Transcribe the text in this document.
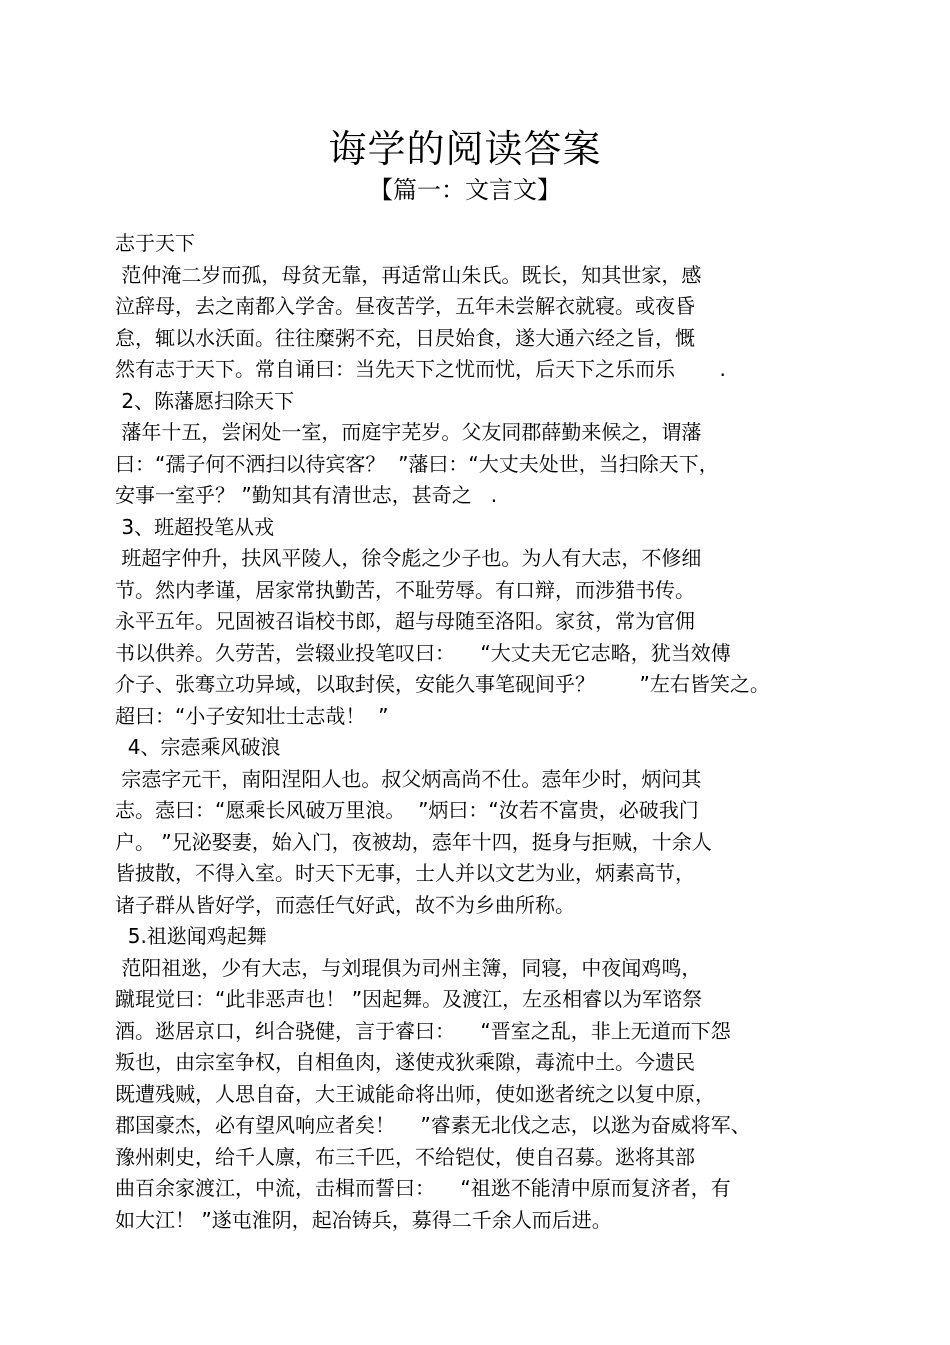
诲学的阅读答案
【篇一：文言文】
志于天下
范仲淹二岁而孤，母贫无靠，再适常山朱氏。既长，知其世家，感
泣辞母，去之南都入学舍。昼夜苦学，五年未尝解衣就寝。或夜昏
怠，辄以水沃面。往往糜粥不充，日昃始食，遂大通六经之旨，慨
然有志于天下。常自诵曰：当先天下之忧而忧，后天下之乐而乐       .
2、陈藩愿扫除天下
藩年十五，尝闲处一室，而庭宇芜岁。父友同郡薛勤来候之，谓藩
曰：“孺子何不洒扫以待宾客？  ”藩曰：“大丈夫处世，当扫除天下，
安事一室乎？ ”勤知其有清世志，甚奇之   .
3、班超投笔从戎
班超字仲升，扶风平陵人，徐令彪之少子也。为人有大志，不修细
节。然内孝谨，居家常执勤苦，不耻劳辱。有口辩，而涉猎书传。
永平五年。兄固被召诣校书郎，超与母随至洛阳。家贫，常为官佣
书以供养。久劳苦，尝辍业投笔叹曰：    “大丈夫无它志略，犹当效傅
介子、张骞立功异域，以取封侯，安能久事笔砚间乎？       ”左右皆笑之。
超曰：“小子安知壮士志哉！  ”
4、宗悫乘风破浪
宗悫字元干，南阳涅阳人也。叔父炳高尚不仕。悫年少时，炳问其
志。悫曰：“愿乘长风破万里浪。  ”炳曰：“汝若不富贵，必破我门
户。 ”兄泌娶妻，始入门，夜被劫，悫年十四，挺身与拒贼，十余人
皆披散，不得入室。时天下无事，士人并以文艺为业，炳素高节，
诸子群从皆好学，而悫任气好武，故不为乡曲所称。
5.祖逖闻鸡起舞
范阳祖逖，少有大志，与刘琨俱为司州主簿，同寝，中夜闻鸡鸣，
蹴琨觉曰：“此非恶声也！ ”因起舞。及渡江，左丞相睿以为军谘祭
酒。逖居京口，纠合骁健，言于睿曰：    “晋室之乱，非上无道而下怨
叛也，由宗室争权，自相鱼肉，遂使戎狄乘隙，毒流中土。今遗民
既遭残贼，人思自奋，大王诚能命将出师，使如逖者统之以复中原，
郡国豪杰，必有望风响应者矣！    ”睿素无北伐之志，以逖为奋威将军、
豫州刺史，给千人廪，布三千匹，不给铠仗，使自召募。逖将其部
曲百余家渡江，中流，击楫而誓曰：    “祖逖不能清中原而复济者，有
如大江！ ”遂屯淮阴，起冶铸兵，募得二千余人而后进。
